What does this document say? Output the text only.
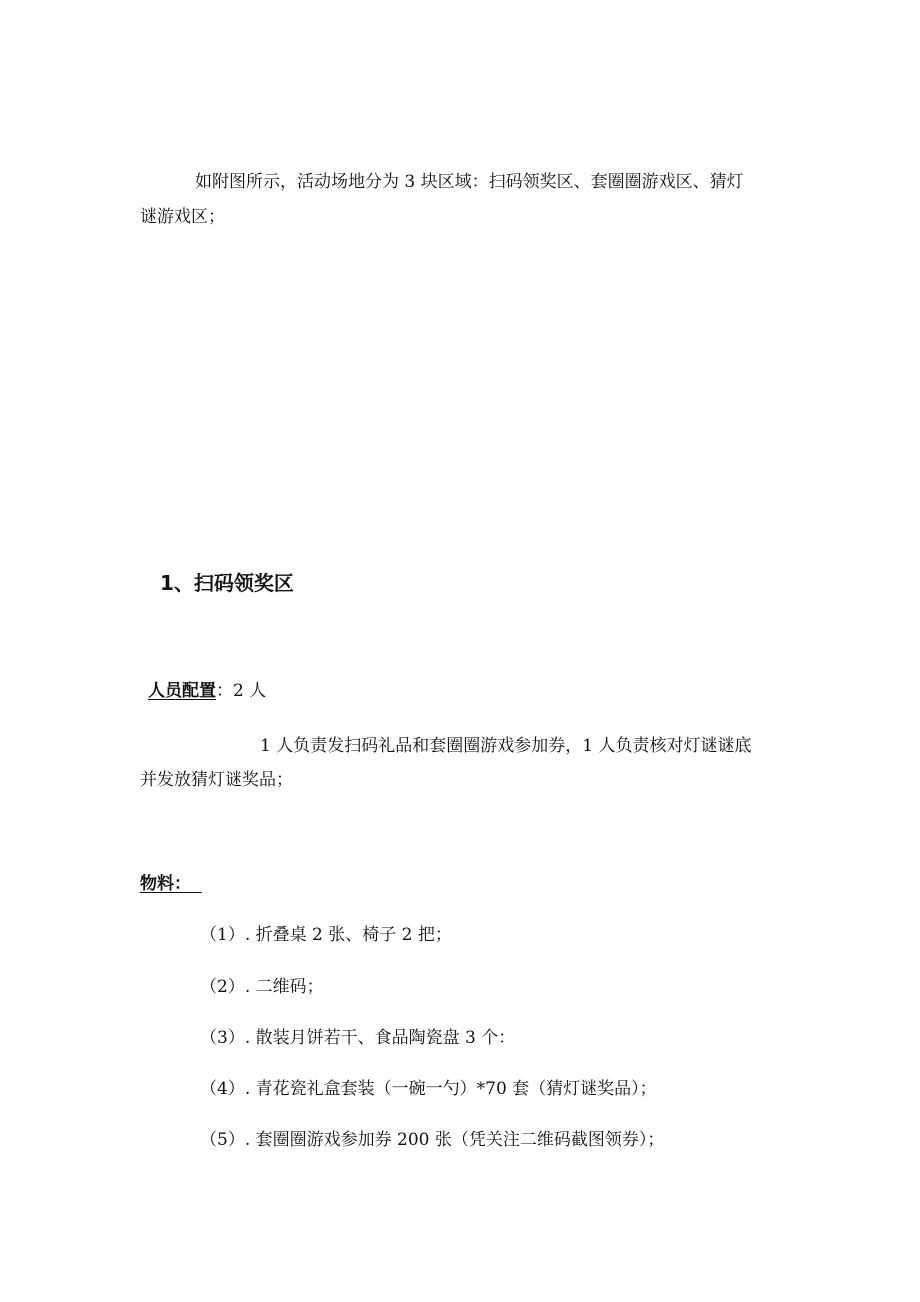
如附图所示，活动场地分为 3 块区域：扫码领奖区、套圈圈游戏区、猜灯
谜游戏区；
1、扫码领奖区
人员配置：2 人
1 人负责发扫码礼品和套圈圈游戏参加券，1 人负责核对灯谜谜底
并发放猜灯谜奖品；
物料：
（1）. 折叠桌 2 张、椅子 2 把；
（2）. 二维码；
（3）. 散装月饼若干、食品陶瓷盘 3 个：
（4）. 青花瓷礼盒套装（一碗一勺）*70 套（猜灯谜奖品）；
（5）. 套圈圈游戏参加券 200 张（凭关注二维码截图领券）；
